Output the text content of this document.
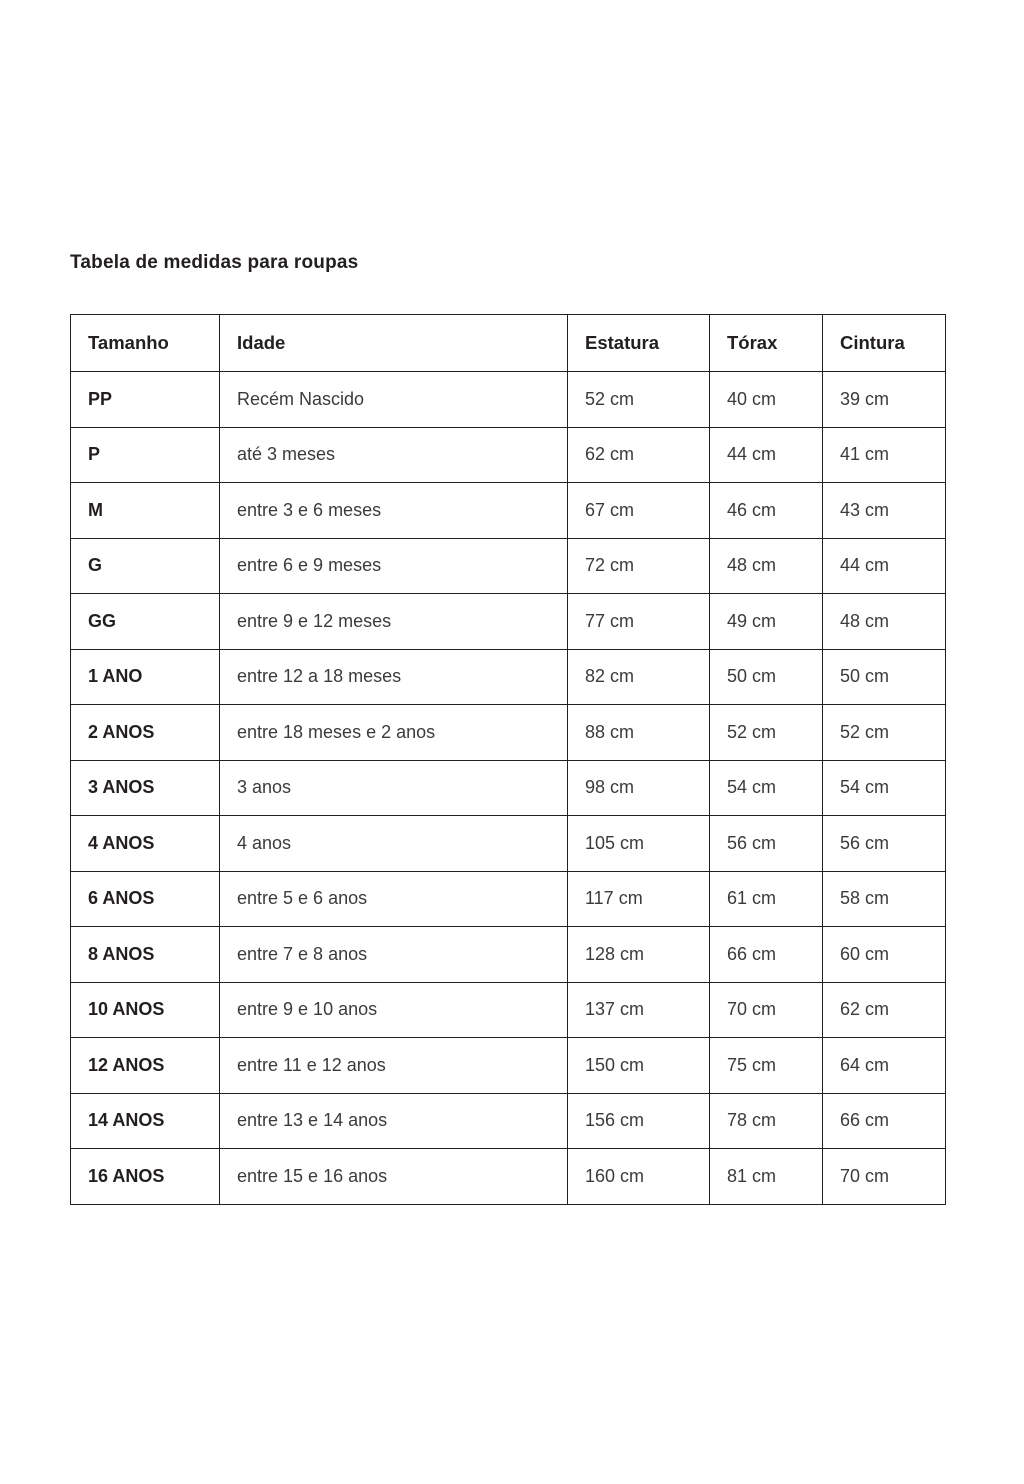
Tabela de medidas para roupas
Tamanho	Idade	Estatura	Tórax	Cintura
PP	Recém Nascido	52 cm	40 cm	39 cm
P	até 3 meses	62 cm	44 cm	41 cm
M	entre 3 e 6 meses	67 cm	46 cm	43 cm
G	entre 6 e 9 meses	72 cm	48 cm	44 cm
GG	entre 9 e 12 meses	77 cm	49 cm	48 cm
1 ANO	entre 12 a 18 meses	82 cm	50 cm	50 cm
2 ANOS	entre 18 meses e 2 anos	88 cm	52 cm	52 cm
3 ANOS	3 anos	98 cm	54 cm	54 cm
4 ANOS	4 anos	105 cm	56 cm	56 cm
6 ANOS	entre 5 e 6 anos	117 cm	61 cm	58 cm
8 ANOS	entre 7 e 8 anos	128 cm	66 cm	60 cm
10 ANOS	entre 9 e 10 anos	137 cm	70 cm	62 cm
12 ANOS	entre 11 e 12 anos	150 cm	75 cm	64 cm
14 ANOS	entre 13 e 14 anos	156 cm	78 cm	66 cm
16 ANOS	entre 15 e 16 anos	160 cm	81 cm	70 cm
